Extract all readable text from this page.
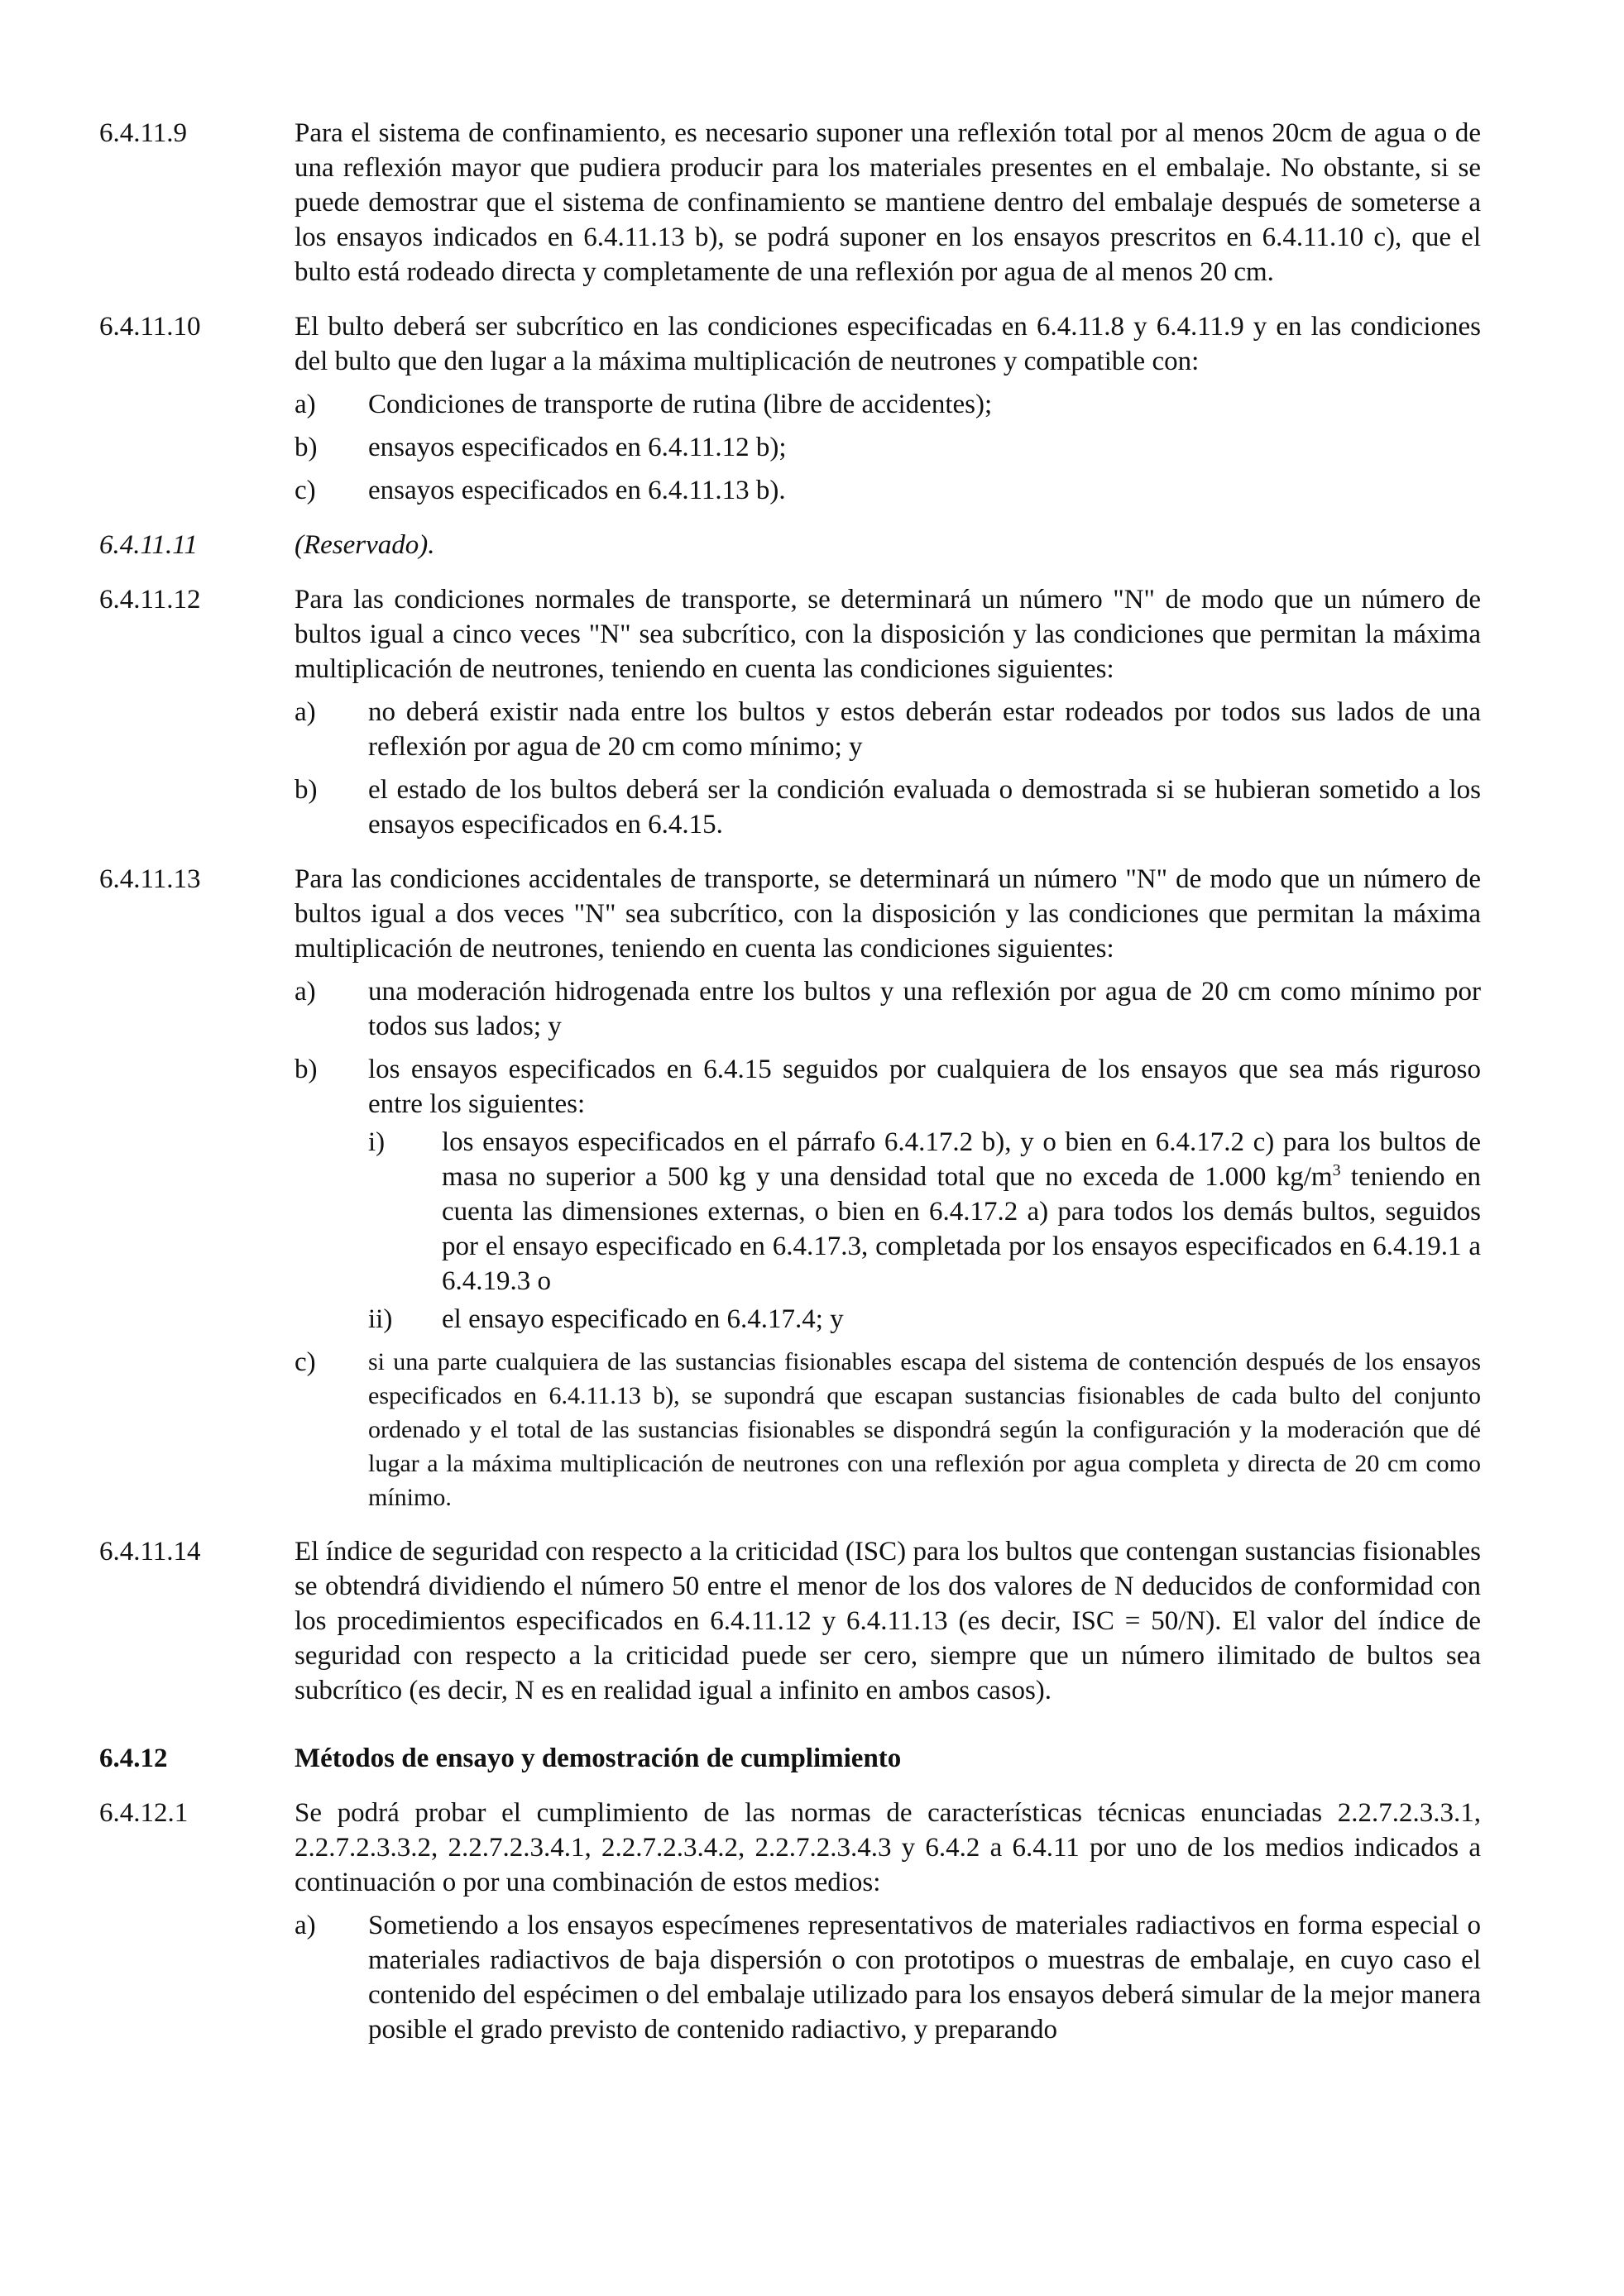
6.4.11.9	Para el sistema de confinamiento, es necesario suponer una reflexión total por al menos 20cm de agua o de una reflexión mayor que pudiera producir para los materiales presentes en el embalaje. No obstante, si se puede demostrar que el sistema de confinamiento se mantiene dentro del embalaje después de someterse a los ensayos indicados en 6.4.11.13 b), se podrá suponer en los ensayos prescritos en 6.4.11.10 c), que el bulto está rodeado directa y completamente de una reflexión por agua de al menos 20 cm.
6.4.11.10	El bulto deberá ser subcrítico en las condiciones especificadas en 6.4.11.8 y 6.4.11.9 y en las condiciones del bulto que den lugar a la máxima multiplicación de neutrones y compatible con:
a)	Condiciones de transporte de rutina (libre de accidentes);
b)	ensayos especificados en 6.4.11.12 b);
c)	ensayos especificados en 6.4.11.13 b).
6.4.11.11	(Reservado).
6.4.11.12	Para las condiciones normales de transporte, se determinará un número "N" de modo que un número de bultos igual a cinco veces "N" sea subcrítico, con la disposición y las condiciones que permitan la máxima multiplicación de neutrones, teniendo en cuenta las condiciones siguientes:
a)	no deberá existir nada entre los bultos y estos deberán estar rodeados por todos sus lados de una reflexión por agua de 20 cm como mínimo; y
b)	el estado de los bultos deberá ser la condición evaluada o demostrada si se hubieran sometido a los ensayos especificados en 6.4.15.
6.4.11.13	Para las condiciones accidentales de transporte, se determinará un número "N" de modo que un número de bultos igual a dos veces "N" sea subcrítico, con la disposición y las condiciones que permitan la máxima multiplicación de neutrones, teniendo en cuenta las condiciones siguientes:
a)	una moderación hidrogenada entre los bultos y una reflexión por agua de 20 cm como mínimo por todos sus lados; y
b)	los ensayos especificados en 6.4.15 seguidos por cualquiera de los ensayos que sea más riguroso entre los siguientes:
i)	los ensayos especificados en el párrafo 6.4.17.2 b), y o bien en 6.4.17.2 c) para los bultos de masa no superior a 500 kg y una densidad total que no exceda de 1.000 $kg/m^3$ teniendo en cuenta las dimensiones externas, o bien en 6.4.17.2 a) para todos los demás bultos, seguidos por el ensayo especificado en 6.4.17.3, completada por los ensayos especificados en 6.4.19.1 a 6.4.19.3 o
ii)	el ensayo especificado en 6.4.17.4; y
c)	si una parte cualquiera de las sustancias fisionables escapa del sistema de contención después de los ensayos especificados en 6.4.11.13 b), se supondrá que escapan sustancias fisionables de cada bulto del conjunto ordenado y el total de las sustancias fisionables se dispondrá según la configuración y la moderación que dé lugar a la máxima multiplicación de neutrones con una reflexión por agua completa y directa de 20 cm como mínimo.
6.4.11.14	El índice de seguridad con respecto a la criticidad (ISC) para los bultos que contengan sustancias fisionables se obtendrá dividiendo el número 50 entre el menor de los dos valores de N deducidos de conformidad con los procedimientos especificados en 6.4.11.12 y 6.4.11.13 (es decir, ISC = 50/N). El valor del índice de seguridad con respecto a la criticidad puede ser cero, siempre que un número ilimitado de bultos sea subcrítico (es decir, N es en realidad igual a infinito en ambos casos).
6.4.12	Métodos de ensayo y demostración de cumplimiento
6.4.12.1	Se podrá probar el cumplimiento de las normas de características técnicas enunciadas 2.2.7.2.3.3.1, 2.2.7.2.3.3.2, 2.2.7.2.3.4.1, 2.2.7.2.3.4.2, 2.2.7.2.3.4.3 y 6.4.2 a 6.4.11 por uno de los medios indicados a continuación o por una combinación de estos medios:
a)	Sometiendo a los ensayos especímenes representativos de materiales radiactivos en forma especial o materiales radiactivos de baja dispersión o con prototipos o muestras de embalaje, en cuyo caso el contenido del espécimen o del embalaje utilizado para los ensayos deberá simular de la mejor manera posible el grado previsto de contenido radiactivo, y preparando
